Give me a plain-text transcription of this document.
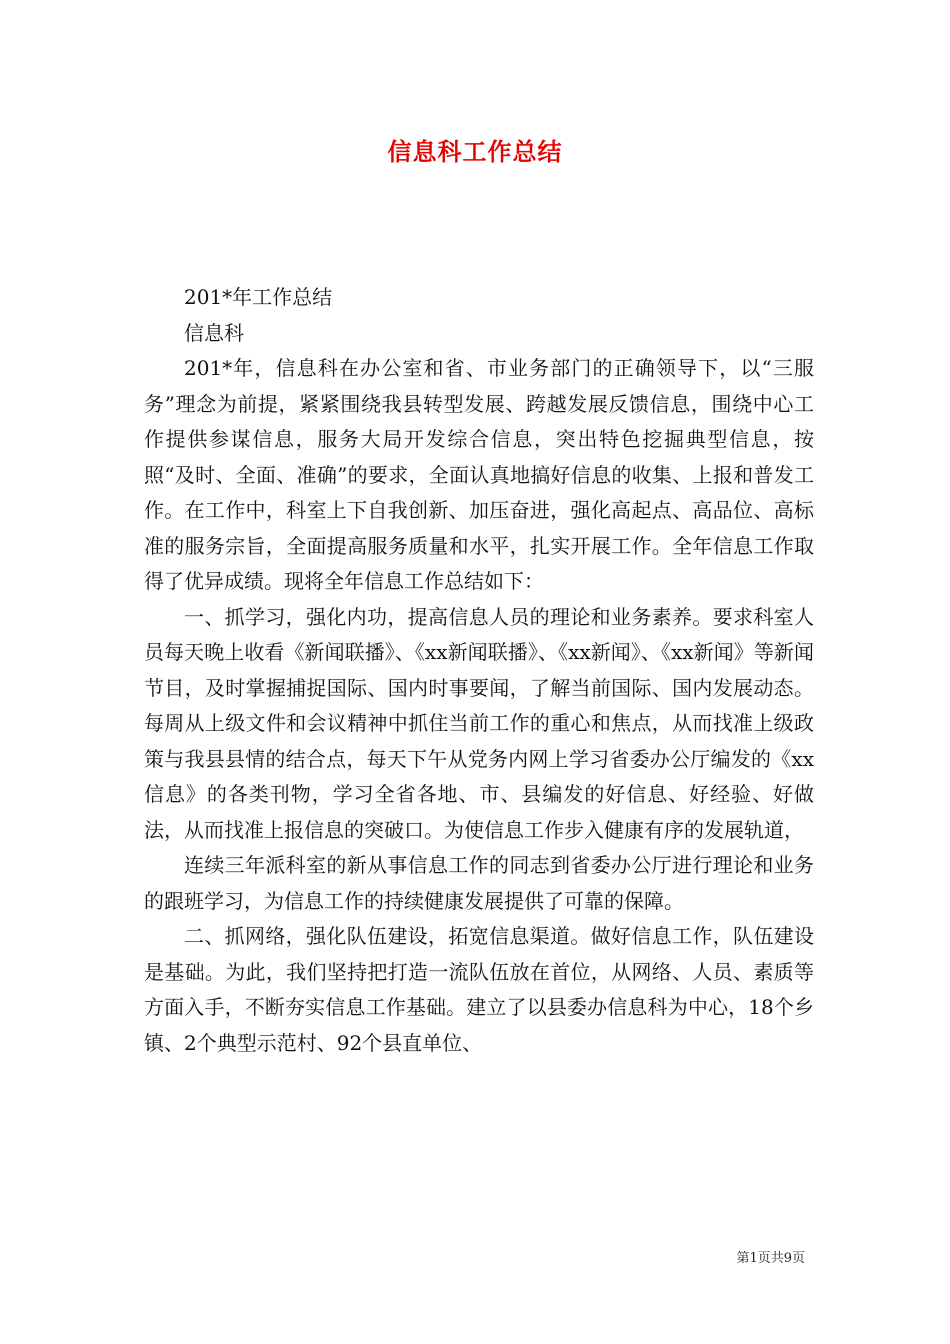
信息科工作总结

201*年工作总结

信息科

201*年，信息科在办公室和省、市业务部门的正确领导下，以“三服务”理念为前提，紧紧围绕我县转型发展、跨越发展反馈信息，围绕中心工作提供参谋信息，服务大局开发综合信息，突出特色挖掘典型信息，按照“及时、全面、准确”的要求，全面认真地搞好信息的收集、上报和普发工作。在工作中，科室上下自我创新、加压奋进，强化高起点、高品位、高标准的服务宗旨，全面提高服务质量和水平，扎实开展工作。全年信息工作取得了优异成绩。现将全年信息工作总结如下：

一、抓学习，强化内功，提高信息人员的理论和业务素养。要求科室人员每天晚上收看《新闻联播》、《xx新闻联播》、《xx新闻》、《xx新闻》等新闻节目，及时掌握捕捉国际、国内时事要闻，了解当前国际、国内发展动态。每周从上级文件和会议精神中抓住当前工作的重心和焦点，从而找准上级政策与我县县情的结合点，每天下午从党务内网上学习省委办公厅编发的《xx信息》的各类刊物，学习全省各地、市、县编发的好信息、好经验、好做法，从而找准上报信息的突破口。为使信息工作步入健康有序的发展轨道，

连续三年派科室的新从事信息工作的同志到省委办公厅进行理论和业务的跟班学习，为信息工作的持续健康发展提供了可靠的保障。

二、抓网络，强化队伍建设，拓宽信息渠道。做好信息工作，队伍建设是基础。为此，我们坚持把打造一流队伍放在首位，从网络、人员、素质等方面入手，不断夯实信息工作基础。建立了以县委办信息科为中心，18个乡镇、2个典型示范村、92个县直单位、

第1页共9页
